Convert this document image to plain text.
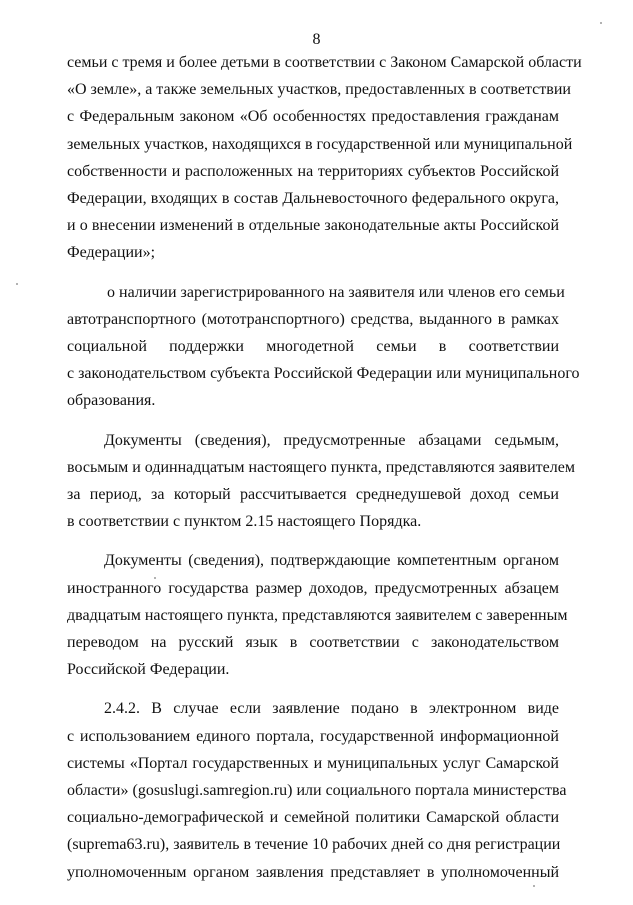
8
семьи с тремя и более детьми в соответствии с Законом Самарской области
«О земле», а также земельных участков, предоставленных в соответствии
с Федеральным законом «Об особенностях предоставления гражданам
земельных участков, находящихся в государственной или муниципальной
собственности и расположенных на территориях субъектов Российской
Федерации, входящих в состав Дальневосточного федерального округа,
и о внесении изменений в отдельные законодательные акты Российской
Федерации»;
о наличии зарегистрированного на заявителя или членов его семьи
автотранспортного (мототранспортного) средства, выданного в рамках
социальной поддержки многодетной семьи в соответствии
с законодательством субъекта Российской Федерации или муниципального
образования.
Документы (сведения), предусмотренные абзацами седьмым,
восьмым и одиннадцатым настоящего пункта, представляются заявителем
за период, за который рассчитывается среднедушевой доход семьи
в соответствии с пунктом 2.15 настоящего Порядка.
Документы (сведения), подтверждающие компетентным органом
иностранного государства размер доходов, предусмотренных абзацем
двадцатым настоящего пункта, представляются заявителем с заверенным
переводом на русский язык в соответствии с законодательством
Российской Федерации.
2.4.2. В случае если заявление подано в электронном виде
с использованием единого портала, государственной информационной
системы «Портал государственных и муниципальных услуг Самарской
области» (gosuslugi.samregion.ru) или социального портала министерства
социально-демографической и семейной политики Самарской области
(suprema63.ru), заявитель в течение 10 рабочих дней со дня регистрации
уполномоченным органом заявления представляет в уполномоченный
